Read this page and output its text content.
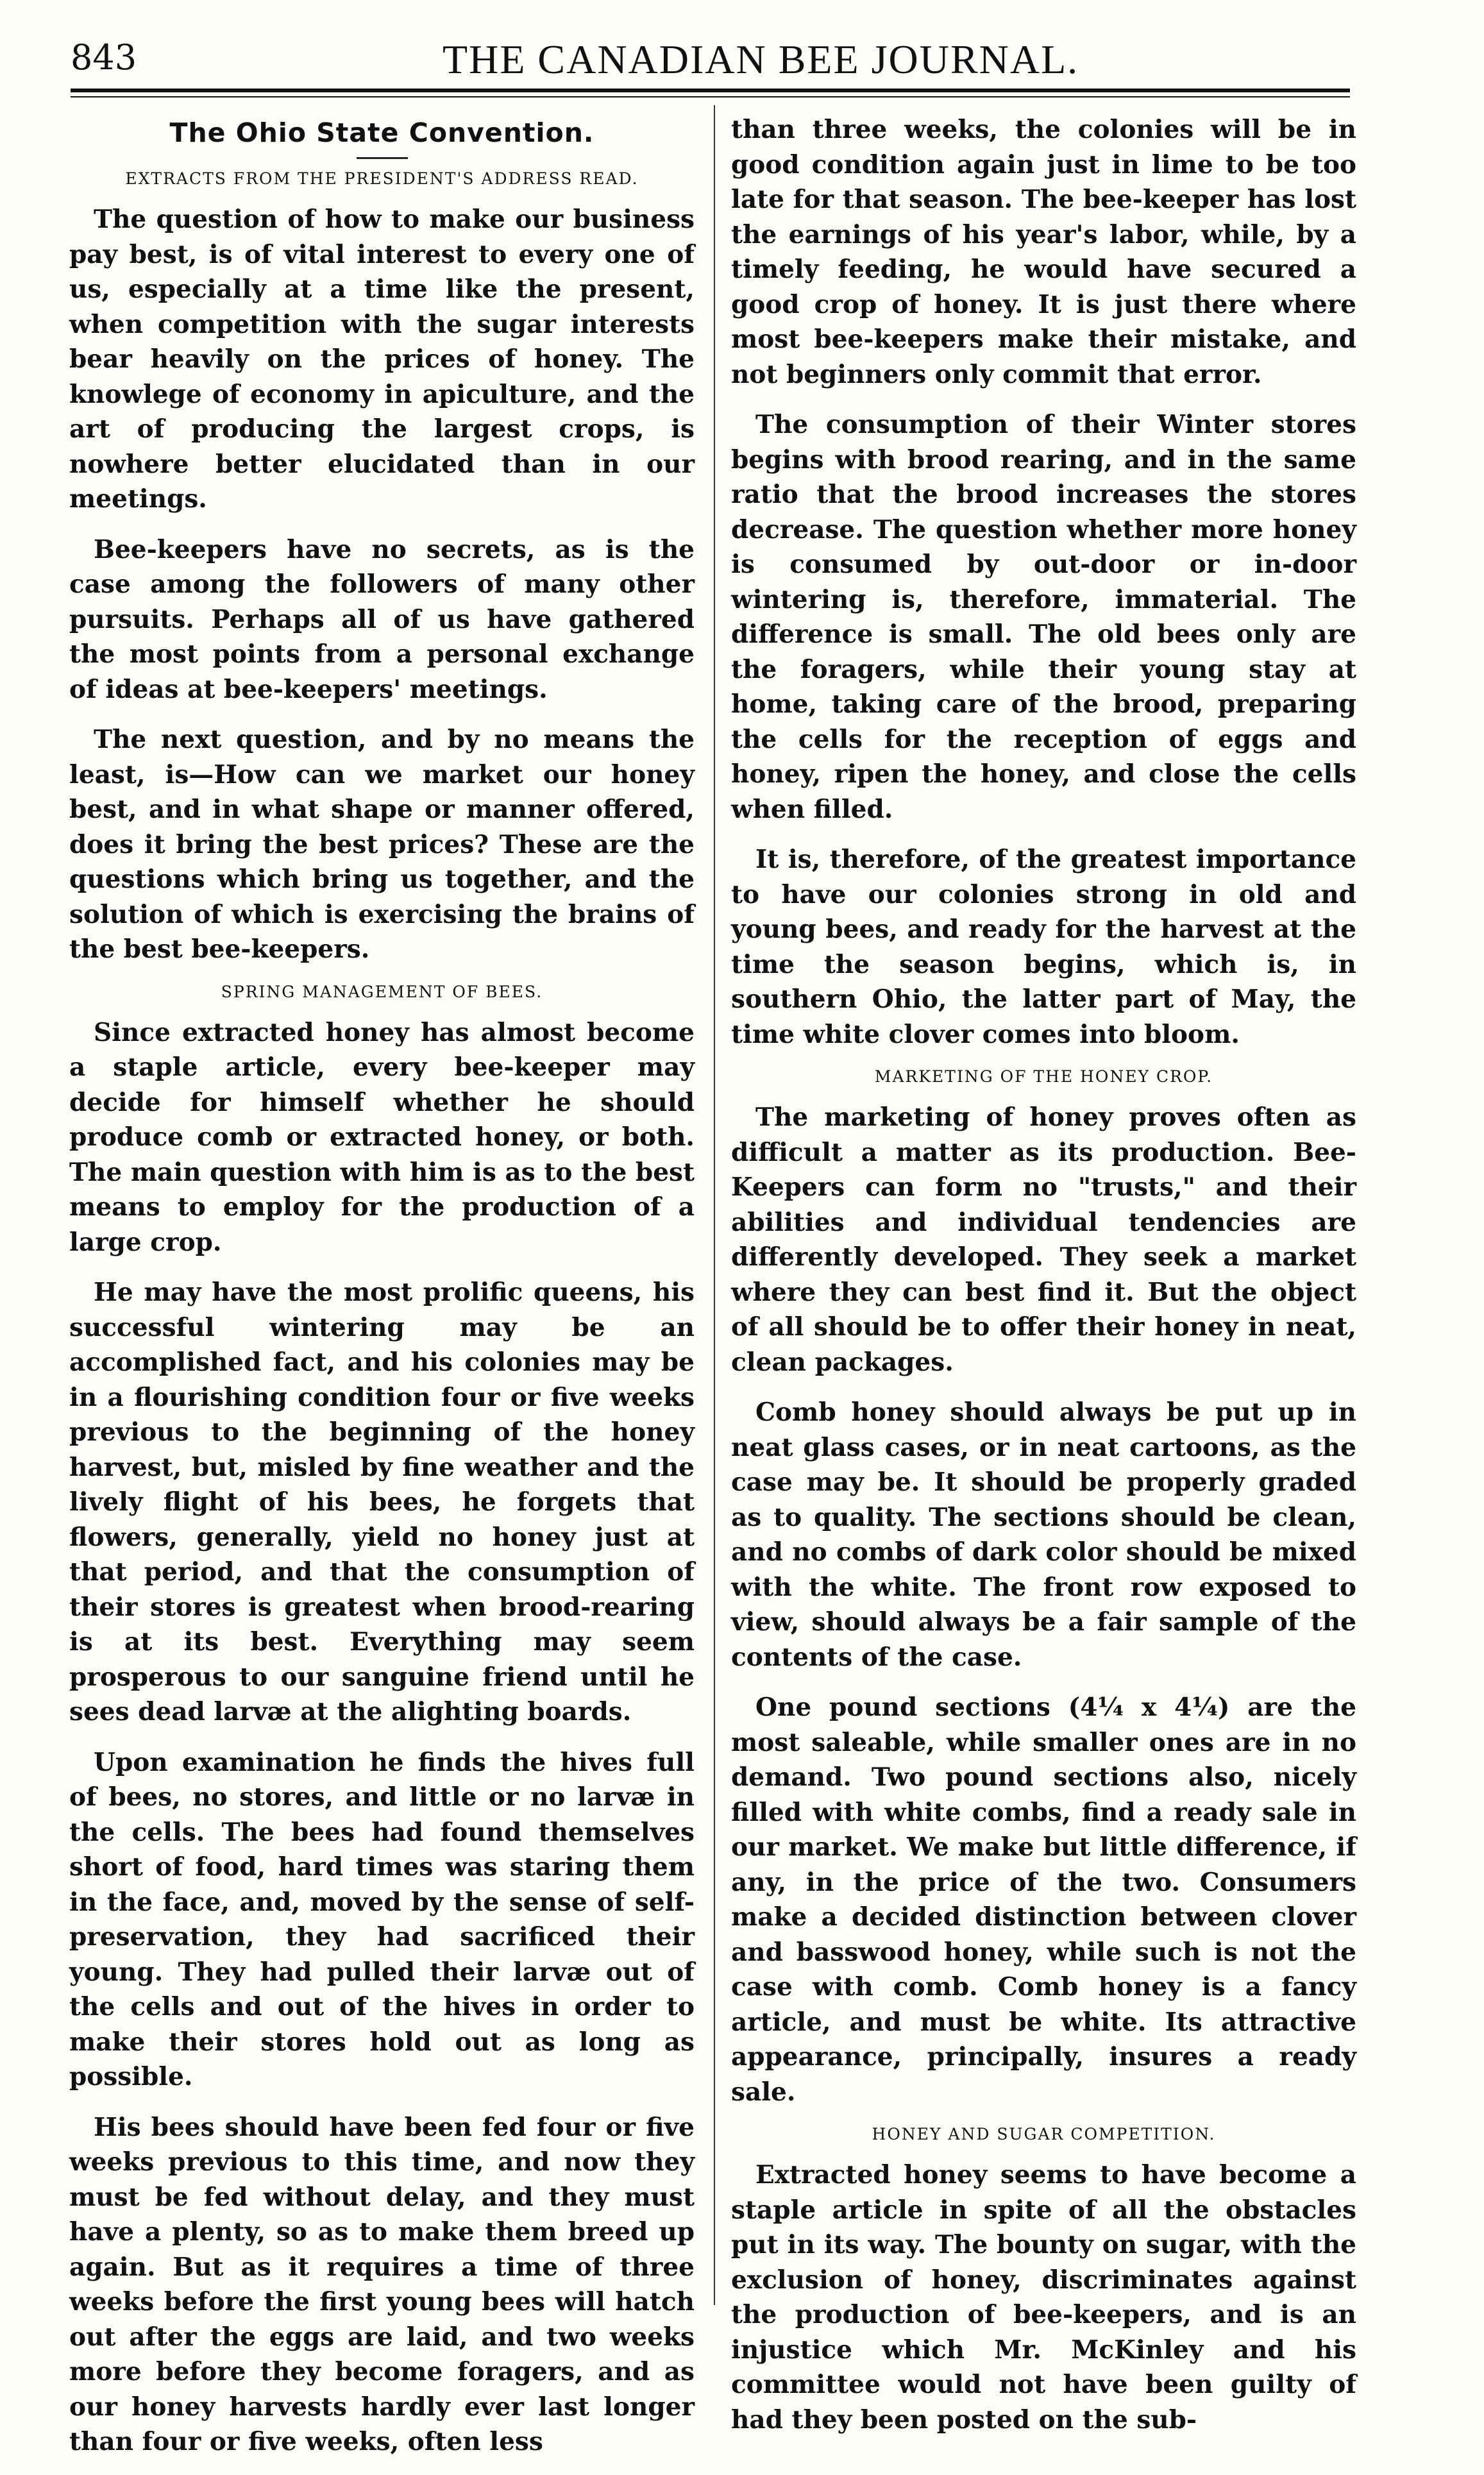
843	THE CANADIAN BEE JOURNAL.
The Ohio State Convention.
EXTRACTS FROM THE PRESIDENT'S ADDRESS READ.

The question of how to make our business pay best, is of vital interest to every one of us, especially at a time like the present, when competition with the sugar interests bear heavily on the prices of honey. The knowlege of economy in apiculture, and the art of producing the largest crops, is nowhere better elucidated than in our meetings.

Bee-keepers have no secrets, as is the case among the followers of many other pursuits. Perhaps all of us have gathered the most points from a personal exchange of ideas at bee-keepers' meetings.

The next question, and by no means the least, is—How can we market our honey best, and in what shape or manner offered, does it bring the best prices? These are the questions which bring us together, and the solution of which is exercising the brains of the best bee-keepers.

SPRING MANAGEMENT OF BEES.

Since extracted honey has almost become a staple article, every bee-keeper may decide for himself whether he should produce comb or extracted honey, or both. The main question with him is as to the best means to employ for the production of a large crop.

He may have the most prolific queens, his successful wintering may be an accomplished fact, and his colonies may be in a flourishing condition four or five weeks previous to the beginning of the honey harvest, but, misled by fine weather and the lively flight of his bees, he forgets that flowers, generally, yield no honey just at that period, and that the consumption of their stores is greatest when brood-rearing is at its best. Everything may seem prosperous to our sanguine friend until he sees dead larvæ at the alighting boards.

Upon examination he finds the hives full of bees, no stores, and little or no larvæ in the cells. The bees had found themselves short of food, hard times was staring them in the face, and, moved by the sense of self-preservation, they had sacrificed their young. They had pulled their larvæ out of the cells and out of the hives in order to make their stores hold out as long as possible.

His bees should have been fed four or five weeks previous to this time, and now they must be fed without delay, and they must have a plenty, so as to make them breed up again. But as it requires a time of three weeks before the first young bees will hatch out after the eggs are laid, and two weeks more before they become foragers, and as our honey harvests hardly ever last longer than four or five weeks, often less

than three weeks, the colonies will be in good condition again just in lime to be too late for that season. The bee-keeper has lost the earnings of his year's labor, while, by a timely feeding, he would have secured a good crop of honey. It is just there where most bee-keepers make their mistake, and not beginners only commit that error.

The consumption of their Winter stores begins with brood rearing, and in the same ratio that the brood increases the stores decrease. The question whether more honey is consumed by out-door or in-door wintering is, therefore, immaterial. The difference is small. The old bees only are the foragers, while their young stay at home, taking care of the brood, preparing the cells for the reception of eggs and honey, ripen the honey, and close the cells when filled.

It is, therefore, of the greatest importance to have our colonies strong in old and young bees, and ready for the harvest at the time the season begins, which is, in southern Ohio, the latter part of May, the time white clover comes into bloom.

MARKETING OF THE HONEY CROP.

The marketing of honey proves often as difficult a matter as its production. Bee-Keepers can form no "trusts," and their abilities and individual tendencies are differently developed. They seek a market where they can best find it. But the object of all should be to offer their honey in neat, clean packages.

Comb honey should always be put up in neat glass cases, or in neat cartoons, as the case may be. It should be properly graded as to quality. The sections should be clean, and no combs of dark color should be mixed with the white. The front row exposed to view, should always be a fair sample of the contents of the case.

One pound sections (4¼ x 4¼) are the most saleable, while smaller ones are in no demand. Two pound sections also, nicely filled with white combs, find a ready sale in our market. We make but little difference, if any, in the price of the two. Consumers make a decided distinction between clover and basswood honey, while such is not the case with comb. Comb honey is a fancy article, and must be white. Its attractive appearance, principally, insures a ready sale.

HONEY AND SUGAR COMPETITION.

Extracted honey seems to have become a staple article in spite of all the obstacles put in its way. The bounty on sugar, with the exclusion of honey, discriminates against the production of bee-keepers, and is an injustice which Mr. McKinley and his committee would not have been guilty of had they been posted on the sub-
